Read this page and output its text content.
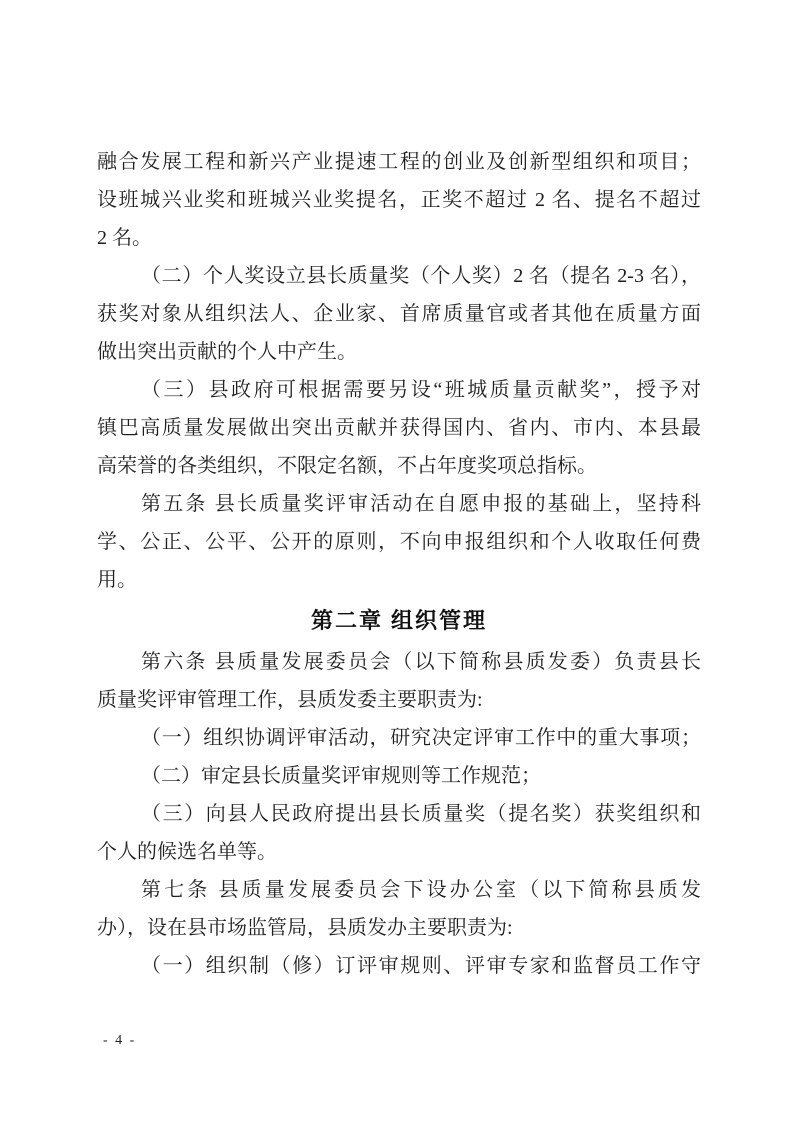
融合发展工程和新兴产业提速工程的创业及创新型组织和项目；
设班城兴业奖和班城兴业奖提名，正奖不超过 2 名、提名不超过
2 名。
（二）个人奖设立县长质量奖（个人奖）2 名（提名 2-3 名），
获奖对象从组织法人、企业家、首席质量官或者其他在质量方面
做出突出贡献的个人中产生。
（三）县政府可根据需要另设“班城质量贡献奖”，授予对
镇巴高质量发展做出突出贡献并获得国内、省内、市内、本县最
高荣誉的各类组织，不限定名额，不占年度奖项总指标。
第五条 县长质量奖评审活动在自愿申报的基础上，坚持科
学、公正、公平、公开的原则，不向申报组织和个人收取任何费
用。
第二章 组织管理
第六条 县质量发展委员会（以下简称县质发委）负责县长
质量奖评审管理工作，县质发委主要职责为:
（一）组织协调评审活动，研究决定评审工作中的重大事项；
（二）审定县长质量奖评审规则等工作规范；
（三）向县人民政府提出县长质量奖（提名奖）获奖组织和
个人的候选名单等。
第七条 县质量发展委员会下设办公室（以下简称县质发
办），设在县市场监管局，县质发办主要职责为:
（一）组织制（修）订评审规则、评审专家和监督员工作守
- 4 -
